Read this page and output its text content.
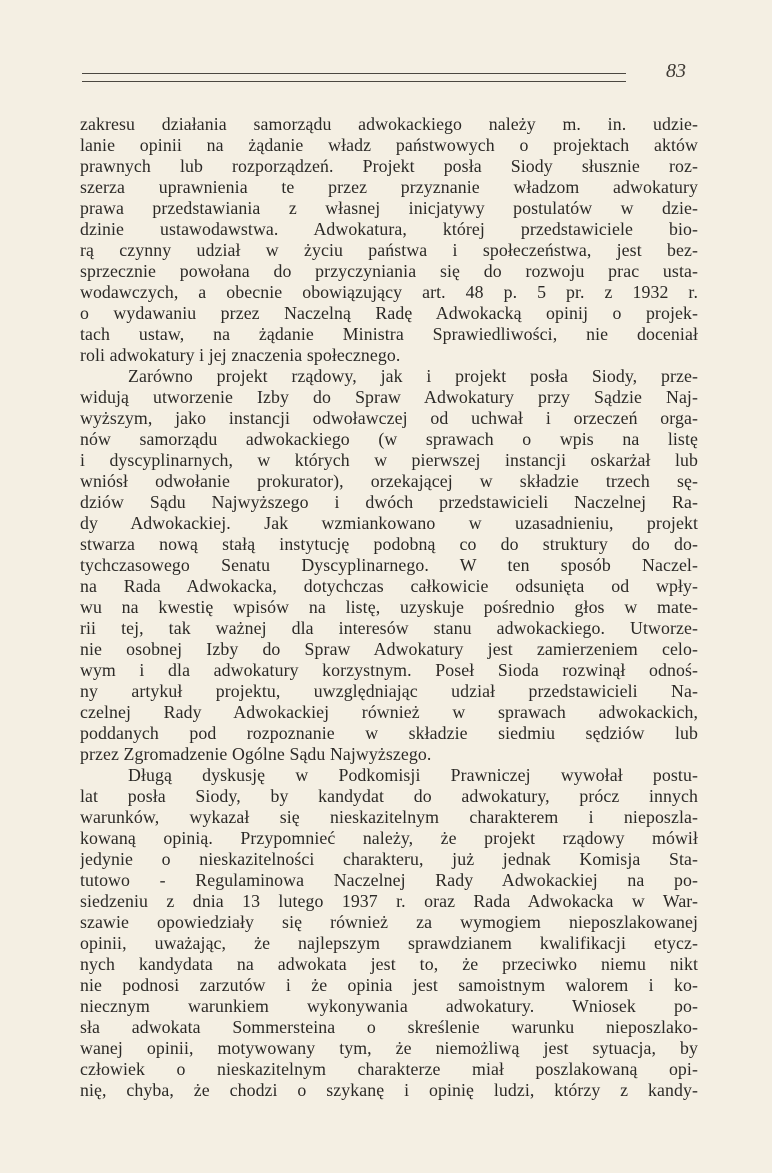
83
zakresu działania samorządu adwokackiego należy m. in. udzie-
lanie opinii na żądanie władz państwowych o projektach aktów
prawnych lub rozporządzeń. Projekt posła Siody słusznie roz-
szerza uprawnienia te przez przyznanie władzom adwokatury
prawa przedstawiania z własnej inicjatywy postulatów w dzie-
dzinie ustawodawstwa. Adwokatura, której przedstawiciele bio-
rą czynny udział w życiu państwa i społeczeństwa, jest bez-
sprzecznie powołana do przyczyniania się do rozwoju prac usta-
wodawczych, a obecnie obowiązujący art. 48 p. 5 pr. z 1932 r.
o wydawaniu przez Naczelną Radę Adwokacką opinij o projek-
tach ustaw, na żądanie Ministra Sprawiedliwości, nie doceniał
roli adwokatury i jej znaczenia społecznego.
Zarówno projekt rządowy, jak i projekt posła Siody, prze-
widują utworzenie Izby do Spraw Adwokatury przy Sądzie Naj-
wyższym, jako instancji odwoławczej od uchwał i orzeczeń orga-
nów samorządu adwokackiego (w sprawach o wpis na listę
i dyscyplinarnych, w których w pierwszej instancji oskarżał lub
wniósł odwołanie prokurator), orzekającej w składzie trzech sę-
dziów Sądu Najwyższego i dwóch przedstawicieli Naczelnej Ra-
dy Adwokackiej. Jak wzmiankowano w uzasadnieniu, projekt
stwarza nową stałą instytucję podobną co do struktury do do-
tychczasowego Senatu Dyscyplinarnego. W ten sposób Naczel-
na Rada Adwokacka, dotychczas całkowicie odsunięta od wpły-
wu na kwestię wpisów na listę, uzyskuje pośrednio głos w mate-
rii tej, tak ważnej dla interesów stanu adwokackiego. Utworze-
nie osobnej Izby do Spraw Adwokatury jest zamierzeniem celo-
wym i dla adwokatury korzystnym. Poseł Sioda rozwinął odnoś-
ny artykuł projektu, uwzględniając udział przedstawicieli Na-
czelnej Rady Adwokackiej również w sprawach adwokackich,
poddanych pod rozpoznanie w składzie siedmiu sędziów lub
przez Zgromadzenie Ogólne Sądu Najwyższego.
Długą dyskusję w Podkomisji Prawniczej wywołał postu-
lat posła Siody, by kandydat do adwokatury, prócz innych
warunków, wykazał się nieskazitelnym charakterem i nieposzla-
kowaną opinią. Przypomnieć należy, że projekt rządowy mówił
jedynie o nieskazitelności charakteru, już jednak Komisja Sta-
tutowo - Regulaminowa Naczelnej Rady Adwokackiej na po-
siedzeniu z dnia 13 lutego 1937 r. oraz Rada Adwokacka w War-
szawie opowiedziały się również za wymogiem nieposzlakowanej
opinii, uważając, że najlepszym sprawdzianem kwalifikacji etycz-
nych kandydata na adwokata jest to, że przeciwko niemu nikt
nie podnosi zarzutów i że opinia jest samoistnym walorem i ko-
niecznym warunkiem wykonywania adwokatury. Wniosek po-
sła adwokata Sommersteina o skreślenie warunku nieposzlako-
wanej opinii, motywowany tym, że niemożliwą jest sytuacja, by
człowiek o nieskazitelnym charakterze miał poszlakowaną opi-
nię, chyba, że chodzi o szykanę i opinię ludzi, którzy z kandy-
